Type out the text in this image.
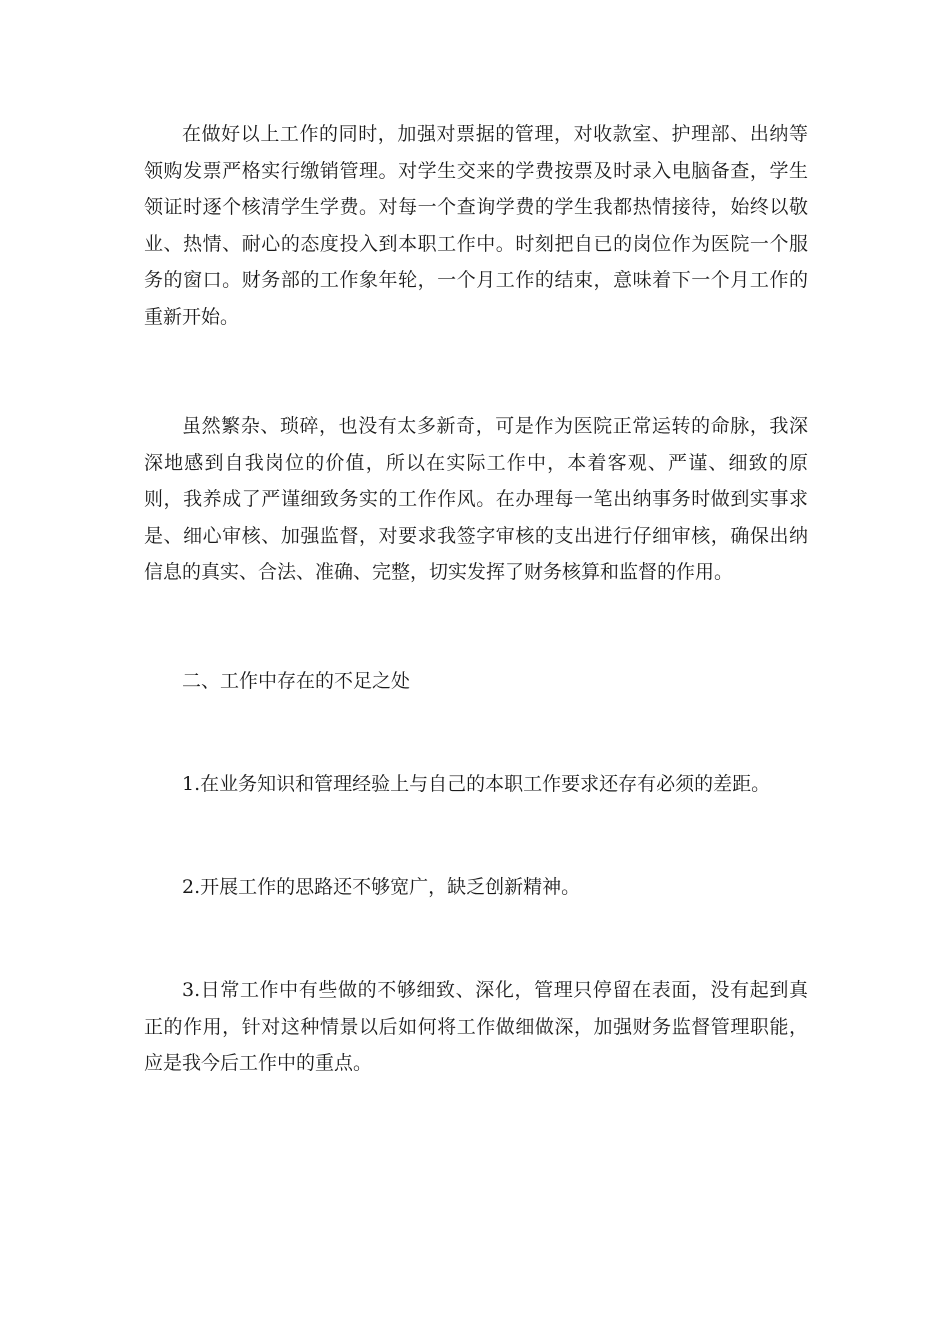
在做好以上工作的同时，加强对票据的管理，对收款室、护理部、出纳等领购发票严格实行缴销管理。对学生交来的学费按票及时录入电脑备查，学生领证时逐个核清学生学费。对每一个查询学费的学生我都热情接待，始终以敬业、热情、耐心的态度投入到本职工作中。时刻把自已的岗位作为医院一个服务的窗口。财务部的工作象年轮，一个月工作的结束，意味着下一个月工作的重新开始。

虽然繁杂、琐碎，也没有太多新奇，可是作为医院正常运转的命脉，我深深地感到自我岗位的价值，所以在实际工作中，本着客观、严谨、细致的原则，我养成了严谨细致务实的工作作风。在办理每一笔出纳事务时做到实事求是、细心审核、加强监督，对要求我签字审核的支出进行仔细审核，确保出纳信息的真实、合法、准确、完整，切实发挥了财务核算和监督的作用。

二、工作中存在的不足之处

1.在业务知识和管理经验上与自己的本职工作要求还存有必须的差距。

2.开展工作的思路还不够宽广，缺乏创新精神。

3.日常工作中有些做的不够细致、深化，管理只停留在表面，没有起到真正的作用，针对这种情景以后如何将工作做细做深，加强财务监督管理职能，应是我今后工作中的重点。
